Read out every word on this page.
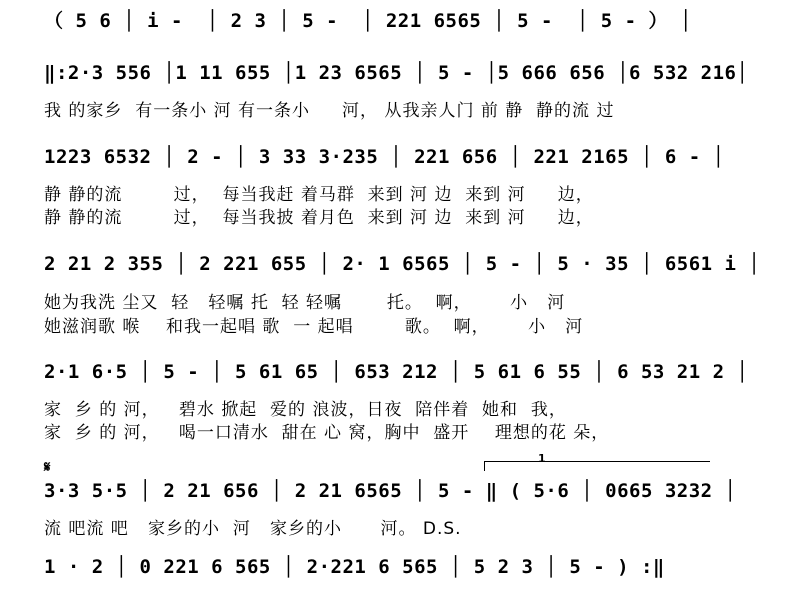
（ 5 6 │ i -  │ 2 3 │ 5 -  │ 221 6565 │ 5 -  │ 5 - ） │
‖:2·3 556 │1 11 655 │1 23 6565 │ 5 - │5 666 656 │6 532 216│
我 的家乡  有一条小 河 有一条小     河， 从我亲人门 前 静  静的流 过
1223 6532 │ 2 - │ 3 33 3·235 │ 221 656 │ 221 2165 │ 6 - │
静 静的流        过，  每当我赶 着马群  来到 河 边  来到 河     边，
静 静的流        过，  每当我披 着月色  来到 河 边  来到 河     边，
2 21 2 355 │ 2 221 655 │ 2· 1 6565 │ 5 - │ 5 · 35 │ 6561 i │
她为我洗 尘又  轻   轻嘱 托  轻 轻嘱       托。  啊，      小   河
她滋润歌 喉    和我一起唱 歌  一 起唱        歌。  啊，      小   河
2·1 6·5 │ 5 - │ 5 61 65 │ 653 212 │ 5 61 6 55 │ 6 53 21 2 │
家  乡 的 河，   碧水 掀起  爱的 浪波，日夜  陪伴着  她和  我，
家  乡 的 河，   喝一口清水  甜在 心 窝，胸中  盛开    理想的花 朵，
𝄋	1
3·3 5·5 │ 2 21 656 │ 2 21 6565 │ 5 - ‖ ( 5·6 │ 0665 3232 │
流 吧流 吧   家乡的小  河   家乡的小      河。 D.S.
1 · 2 │ 0 221 6 565 │ 2·221 6 565 │ 5 2 3 │ 5 - ) :‖
